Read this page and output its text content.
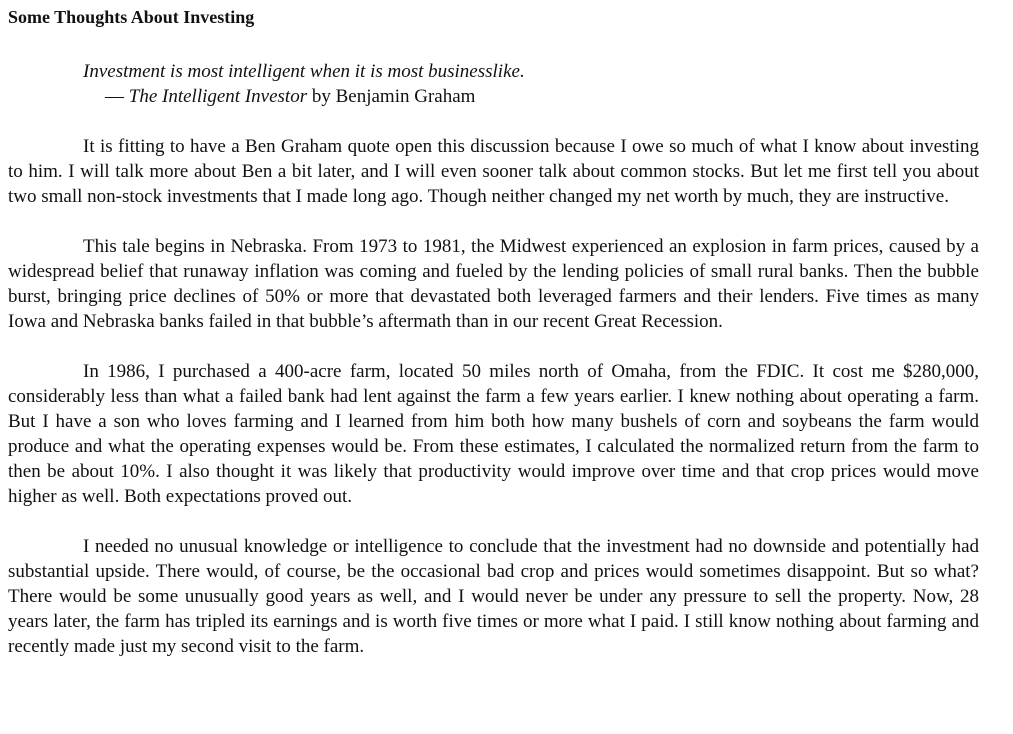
Some Thoughts About Investing
Investment is most intelligent when it is most businesslike.
— The Intelligent Investor by Benjamin Graham

It is fitting to have a Ben Graham quote open this discussion because I owe so much of what I know about investing to him. I will talk more about Ben a bit later, and I will even sooner talk about common stocks. But let me first tell you about two small non-stock investments that I made long ago. Though neither changed my net worth by much, they are instructive.

This tale begins in Nebraska. From 1973 to 1981, the Midwest experienced an explosion in farm prices, caused by a widespread belief that runaway inflation was coming and fueled by the lending policies of small rural banks. Then the bubble burst, bringing price declines of 50% or more that devastated both leveraged farmers and their lenders. Five times as many Iowa and Nebraska banks failed in that bubble’s aftermath than in our recent Great Recession.

In 1986, I purchased a 400-acre farm, located 50 miles north of Omaha, from the FDIC. It cost me $280,000, considerably less than what a failed bank had lent against the farm a few years earlier. I knew nothing about operating a farm. But I have a son who loves farming and I learned from him both how many bushels of corn and soybeans the farm would produce and what the operating expenses would be. From these estimates, I calculated the normalized return from the farm to then be about 10%. I also thought it was likely that productivity would improve over time and that crop prices would move higher as well. Both expectations proved out.

I needed no unusual knowledge or intelligence to conclude that the investment had no downside and potentially had substantial upside. There would, of course, be the occasional bad crop and prices would sometimes disappoint. But so what? There would be some unusually good years as well, and I would never be under any pressure to sell the property. Now, 28 years later, the farm has tripled its earnings and is worth five times or more what I paid. I still know nothing about farming and recently made just my second visit to the farm.
